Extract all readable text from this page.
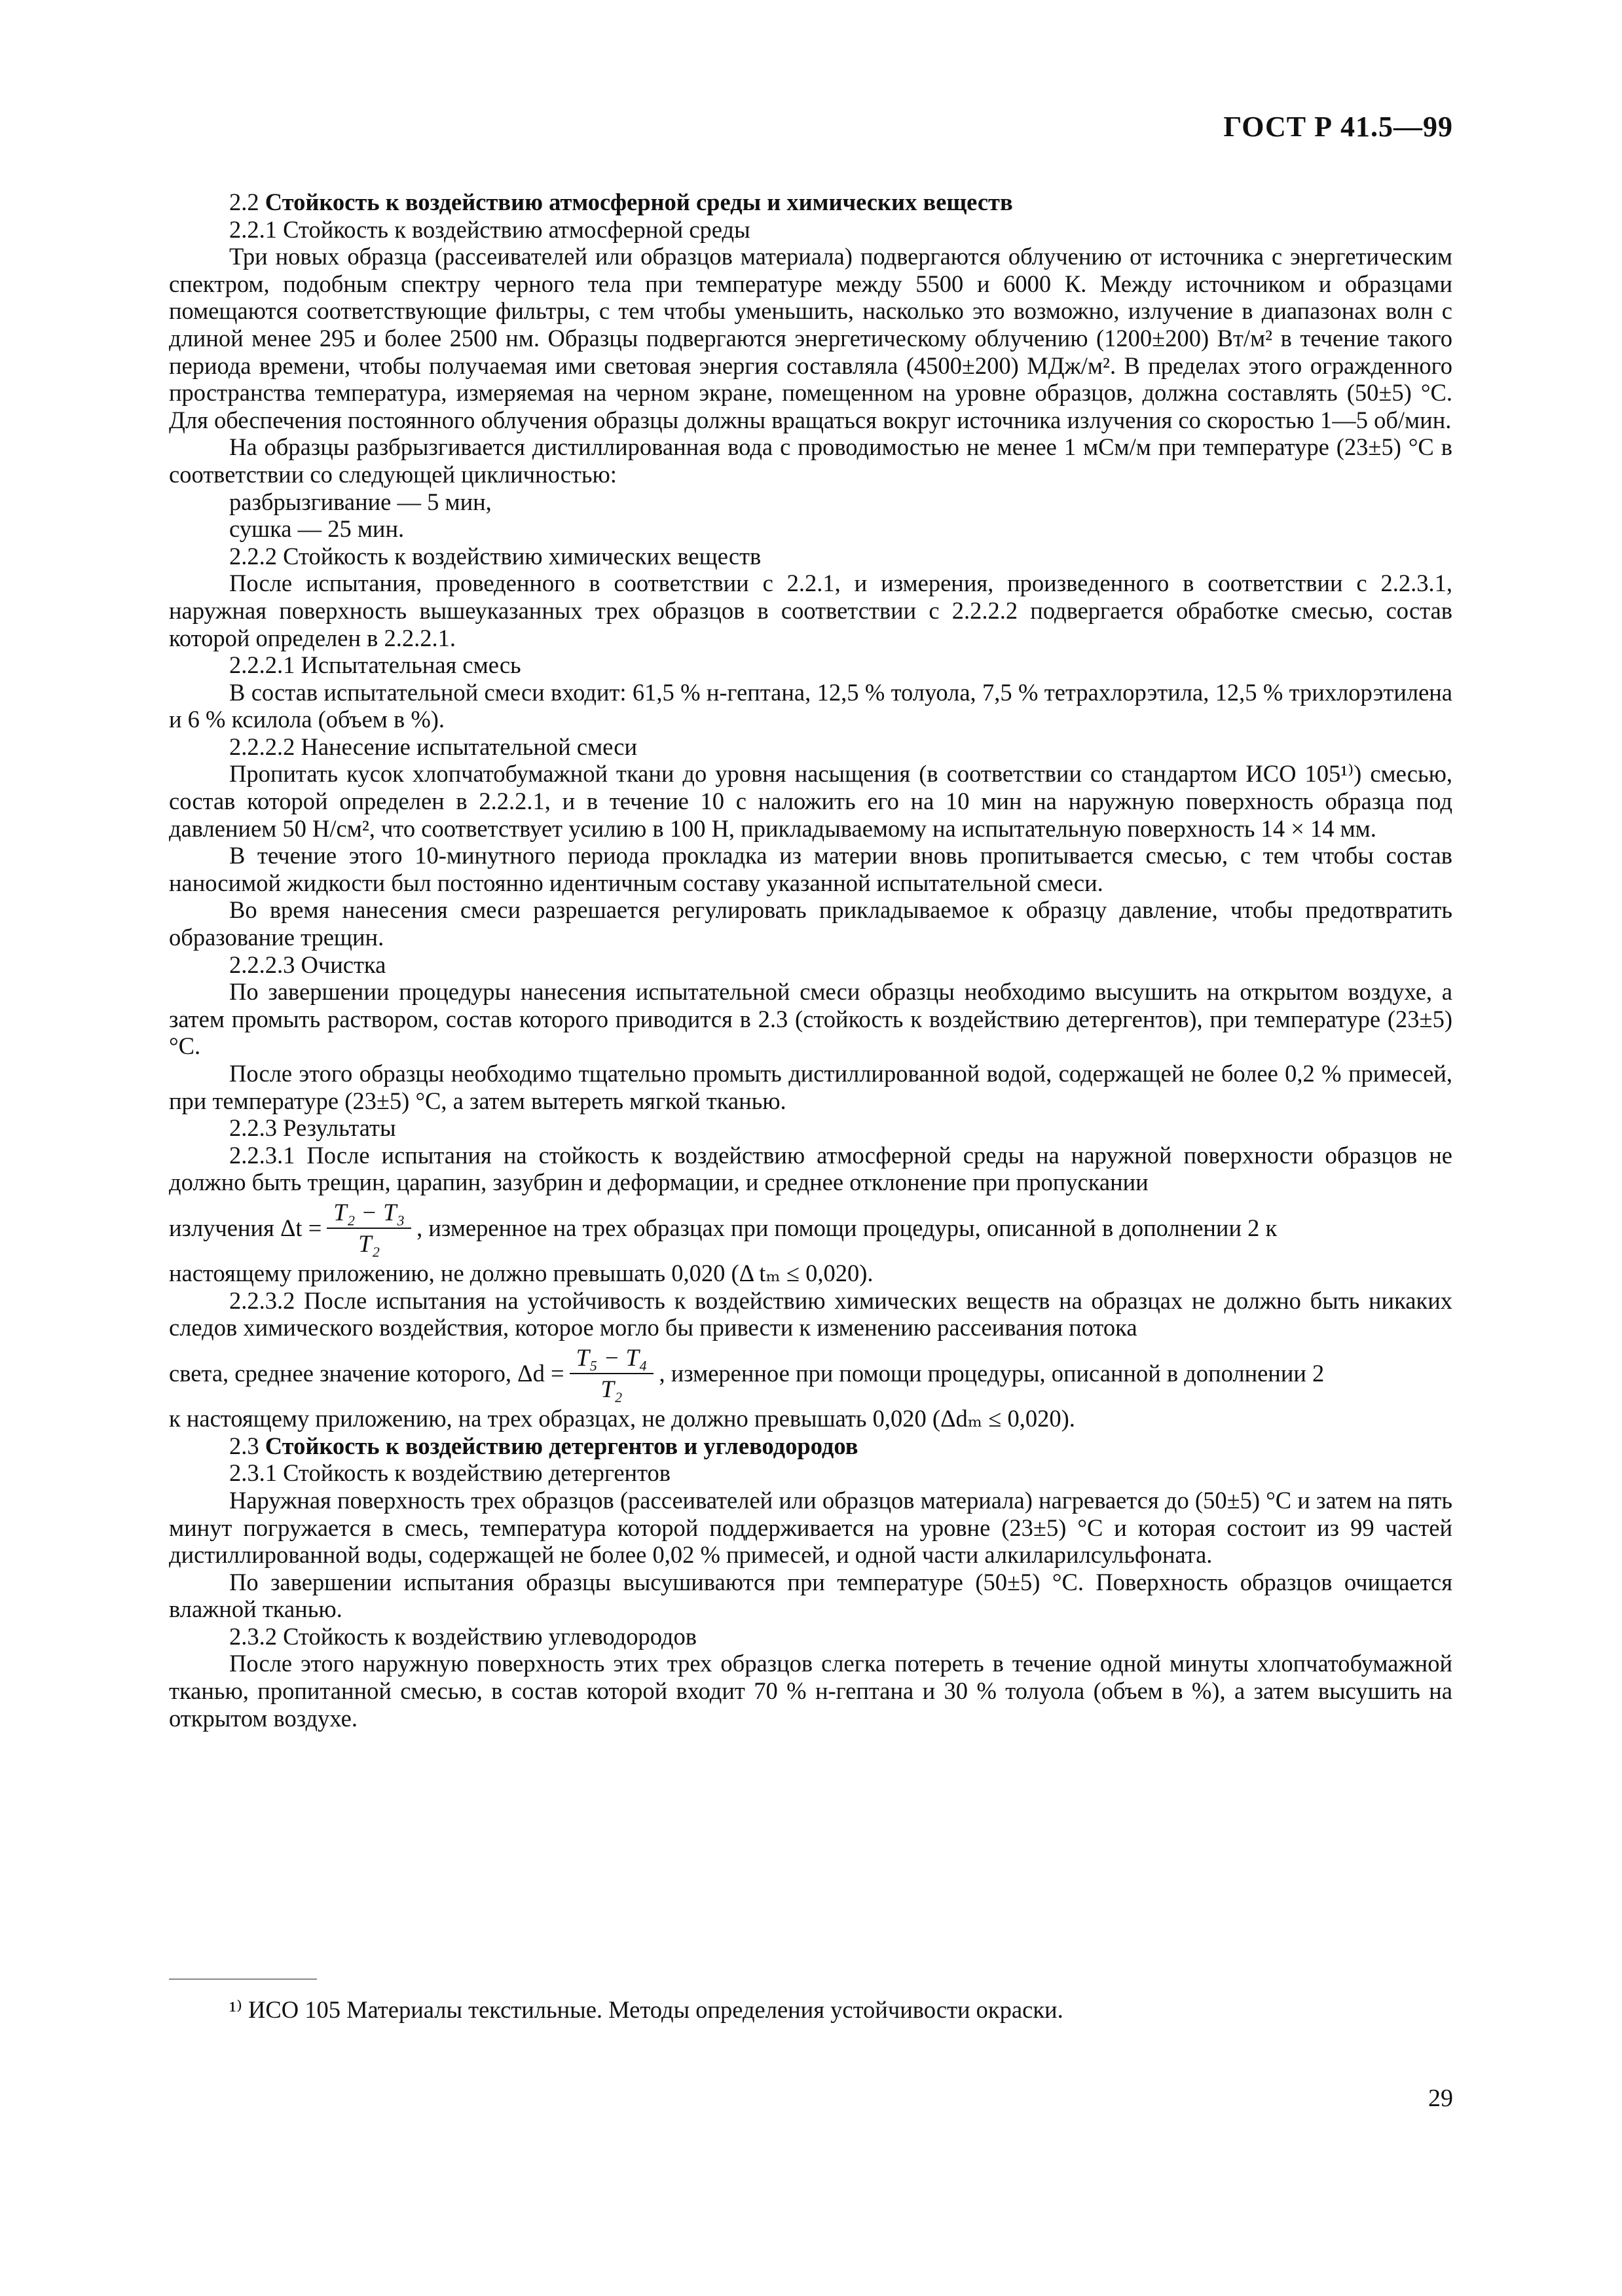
ГОСТ Р 41.5—99
2.2 Стойкость к воздействию атмосферной среды и химических веществ
2.2.1 Стойкость к воздействию атмосферной среды

Три новых образца (рассеивателей или образцов материала) подвергаются облучению от источника с энергетическим спектром, подобным спектру черного тела при температуре между 5500 и 6000 К. Между источником и образцами помещаются соответствующие фильтры, с тем чтобы уменьшить, насколько это возможно, излучение в диапазонах волн с длиной менее 295 и более 2500 нм. Образцы подвергаются энергетическому облучению (1200±200) Вт/м² в течение такого периода времени, чтобы получаемая ими световая энергия составляла (4500±200) МДж/м². В пределах этого огражденного пространства температура, измеряемая на черном экране, помещенном на уровне образцов, должна составлять (50±5) °С. Для обеспечения постоянного облучения образцы должны вращаться вокруг источника излучения со скоростью 1—5 об/мин.

На образцы разбрызгивается дистиллированная вода с проводимостью не менее 1 мСм/м при температуре (23±5) °С в соответствии со следующей цикличностью:

разбрызгивание — 5 мин,
сушка — 25 мин.
2.2.2 Стойкость к воздействию химических веществ

После испытания, проведенного в соответствии с 2.2.1, и измерения, произведенного в соответствии с 2.2.3.1, наружная поверхность вышеуказанных трех образцов в соответствии с 2.2.2.2 подвергается обработке смесью, состав которой определен в 2.2.2.1.

2.2.2.1 Испытательная смесь

В состав испытательной смеси входит: 61,5 % н-гептана, 12,5 % толуола, 7,5 % тетрахлорэтила, 12,5 % трихлорэтилена и 6 % ксилола (объем в %).

2.2.2.2 Нанесение испытательной смеси

Пропитать кусок хлопчатобумажной ткани до уровня насыщения (в соответствии со стандартом ИСО 105¹⁾) смесью, состав которой определен в 2.2.2.1, и в течение 10 с наложить его на 10 мин на наружную поверхность образца под давлением 50 Н/см², что соответствует усилию в 100 Н, прикладываемому на испытательную поверхность 14 × 14 мм.

В течение этого 10-минутного периода прокладка из материи вновь пропитывается смесью, с тем чтобы состав наносимой жидкости был постоянно идентичным составу указанной испытательной смеси.

Во время нанесения смеси разрешается регулировать прикладываемое к образцу давление, чтобы предотвратить образование трещин.

2.2.2.3 Очистка

По завершении процедуры нанесения испытательной смеси образцы необходимо высушить на открытом воздухе, а затем промыть раствором, состав которого приводится в 2.3 (стойкость к воздействию детергентов), при температуре (23±5) °С.

После этого образцы необходимо тщательно промыть дистиллированной водой, содержащей не более 0,2 % примесей, при температуре (23±5) °С, а затем вытереть мягкой тканью.

2.2.3 Результаты

2.2.3.1 После испытания на стойкость к воздействию атмосферной среды на наружной поверхности образцов не должно быть трещин, царапин, зазубрин и деформации, и среднее отклонение при пропускании

излучения $\Delta t = \frac{\text{T₂ − T₃}}{\text{T₂}}$ , измеренное на трех образцах при помощи процедуры, описанной в дополнении 2 к
настоящему приложению, не должно превышать 0,020 (Δ tₘ ≤ 0,020).

2.2.3.2 После испытания на устойчивость к воздействию химических веществ на образцах не должно быть никаких следов химического воздействия, которое могло бы привести к изменению рассеивания потока

света, среднее значение которого, $\Delta d = \frac{\text{T₅ − T₄}}{\text{T₂}}$ , измеренное при помощи процедуры, описанной в дополнении 2
к настоящему приложению, на трех образцах, не должно превышать 0,020 (Δdₘ ≤ 0,020).
2.3 Стойкость к воздействию детергентов и углеводородов
2.3.1 Стойкость к воздействию детергентов

Наружная поверхность трех образцов (рассеивателей или образцов материала) нагревается до (50±5) °С и затем на пять минут погружается в смесь, температура которой поддерживается на уровне (23±5) °С и которая состоит из 99 частей дистиллированной воды, содержащей не более 0,02 % примесей, и одной части алкиларилсульфоната.

По завершении испытания образцы высушиваются при температуре (50±5) °С. Поверхность образцов очищается влажной тканью.

2.3.2 Стойкость к воздействию углеводородов

После этого наружную поверхность этих трех образцов слегка потереть в течение одной минуты хлопчатобумажной тканью, пропитанной смесью, в состав которой входит 70 % н-гептана и 30 % толуола (объем в %), а затем высушить на открытом воздухе.

¹⁾ ИСО 105 Материалы текстильные. Методы определения устойчивости окраски.
29
